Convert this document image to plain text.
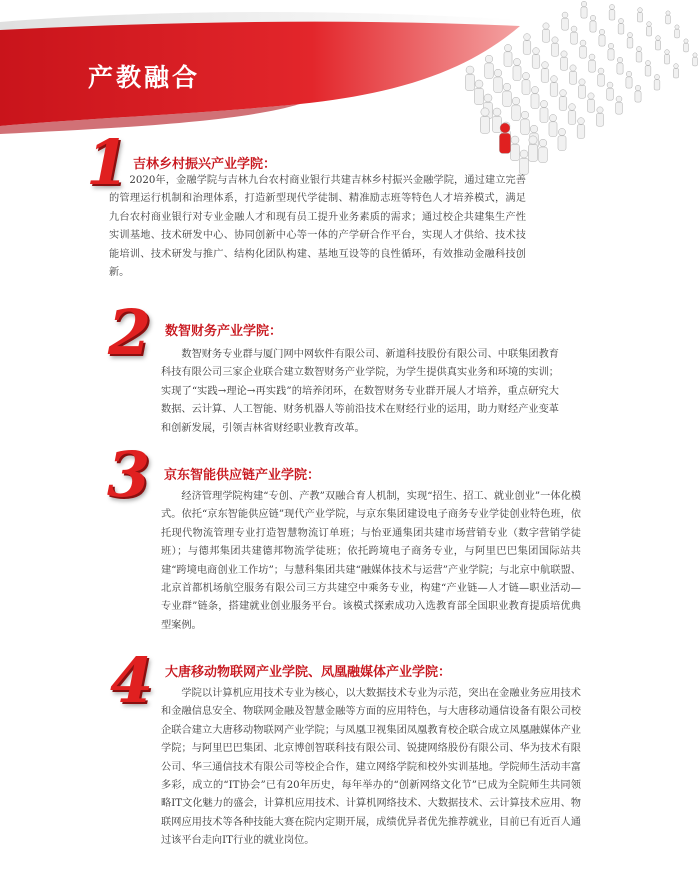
产教融合
1 吉林乡村振兴产业学院：

2020年，金融学院与吉林九台农村商业银行共建吉林乡村振兴金融学院，通过建立完善的管理运行机制和治理体系，打造新型现代学徒制、精准励志班等特色人才培养模式，满足九台农村商业银行对专业金融人才和现有员工提升业务素质的需求；通过校企共建集生产性实训基地、技术研发中心、协同创新中心等一体的产学研合作平台，实现人才供给、技术技能培训、技术研发与推广、结构化团队构建、基地互设等的良性循环，有效推动金融科技创新。

2 数智财务产业学院：

数智财务专业群与厦门网中网软件有限公司、新道科技股份有限公司、中联集团教育科技有限公司三家企业联合建立数智财务产业学院，为学生提供真实业务和环境的实训；实现了“实践→理论→再实践”的培养闭环，在数智财务专业群开展人才培养，重点研究大数据、云计算、人工智能、财务机器人等前沿技术在财经行业的运用，助力财经产业变革和创新发展，引领吉林省财经职业教育改革。

3 京东智能供应链产业学院：

经济管理学院构建“专创、产教”双融合育人机制，实现“招生、招工、就业创业”一体化模式。依托“京东智能供应链”现代产业学院，与京东集团建设电子商务专业学徒创业特色班，依托现代物流管理专业打造智慧物流订单班；与怡亚通集团共建市场营销专业（数字营销学徒班）；与德邦集团共建德邦物流学徒班；依托跨境电子商务专业，与阿里巴巴集团国际站共建“跨境电商创业工作坊”；与慧科集团共建“融媒体技术与运营”产业学院；与北京中航联盟、北京首都机场航空服务有限公司三方共建空中乘务专业，构建“产业链—人才链—职业活动—专业群”链条，搭建就业创业服务平台。该模式探索成功入选教育部全国职业教育提质培优典型案例。

4 大唐移动物联网产业学院、凤凰融媒体产业学院：

学院以计算机应用技术专业为核心，以大数据技术专业为示范，突出在金融业务应用技术和金融信息安全、物联网金融及智慧金融等方面的应用特色，与大唐移动通信设备有限公司校企联合建立大唐移动物联网产业学院；与凤凰卫视集团凤凰教育校企联合成立凤凰融媒体产业学院；与阿里巴巴集团、北京博创智联科技有限公司、锐捷网络股份有限公司、华为技术有限公司、华三通信技术有限公司等校企合作，建立网络学院和校外实训基地。学院师生活动丰富多彩，成立的“IT协会”已有20年历史，每年举办的“创新网络文化节”已成为全院师生共同领略IT文化魅力的盛会，计算机应用技术、计算机网络技术、大数据技术、云计算技术应用、物联网应用技术等各种技能大赛在院内定期开展，成绩优异者优先推荐就业，目前已有近百人通过该平台走向IT行业的就业岗位。
